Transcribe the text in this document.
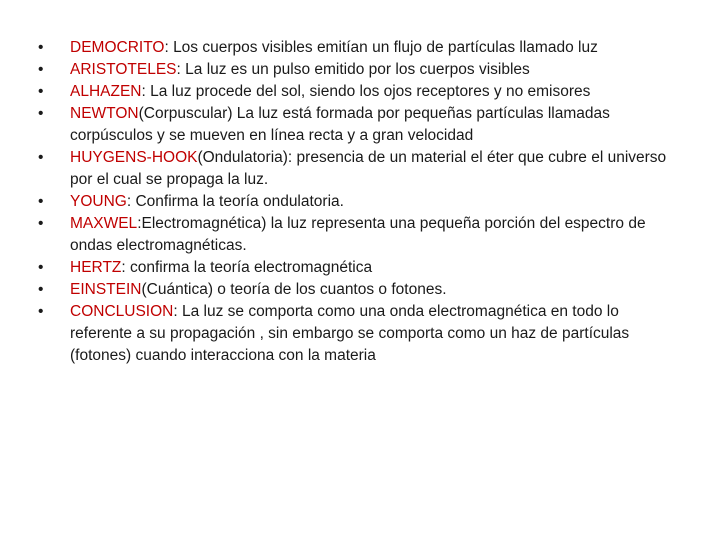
• DEMOCRITO: Los cuerpos visibles emitían un flujo de partículas llamado luz
• ARISTOTELES: La luz es un pulso emitido por los cuerpos visibles
• ALHAZEN: La luz procede del sol, siendo los ojos receptores y no emisores
• NEWTON(Corpuscular) La luz está formada por pequeñas partículas llamadas corpúsculos y se mueven en línea recta y a gran velocidad
• HUYGENS-HOOK(Ondulatoria): presencia de un material el éter que cubre el universo por el cual se propaga la luz.
• YOUNG: Confirma la teoría ondulatoria.
• MAXWEL:Electromagnética) la luz representa una pequeña porción del espectro de ondas electromagnéticas.
• HERTZ: confirma la teoría electromagnética
• EINSTEIN(Cuántica) o teoría de los cuantos o fotones.
• CONCLUSION: La luz se comporta como una onda electromagnética en todo lo referente a su propagación , sin embargo se comporta como un haz de partículas (fotones) cuando interacciona con la materia
